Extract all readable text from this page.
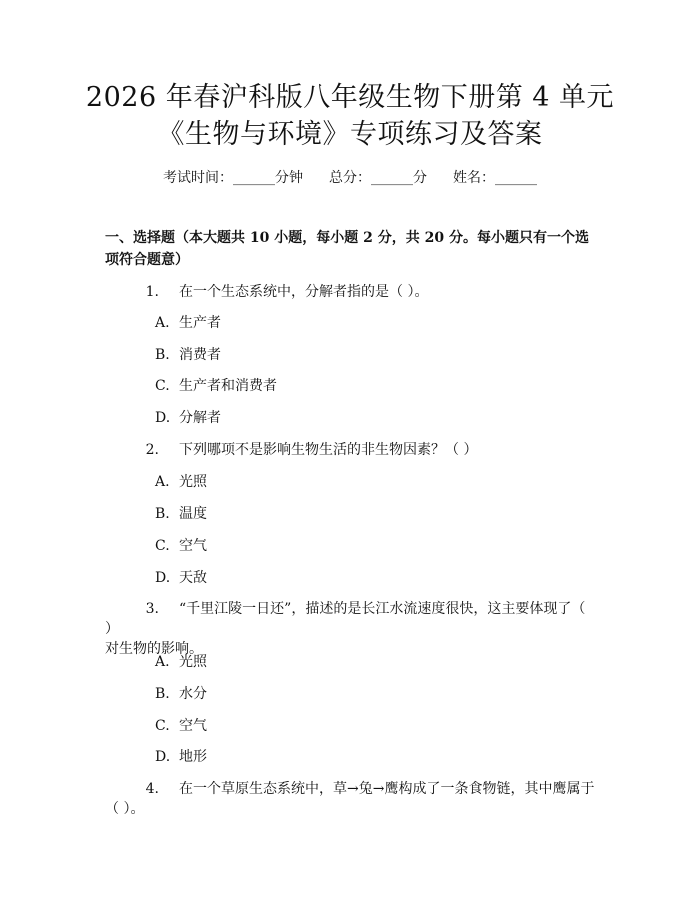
2026 年春沪科版八年级生物下册第 4 单元

《生物与环境》专项练习及答案

考试时间：______分钟 总分：______分 姓名：______
一、选择题（本大题共 10 小题，每小题 2 分，共 20 分。每小题只有一个选项符合题意）
1. 在一个生态系统中，分解者指的是（ ）。
A. 生产者
B. 消费者
C. 生产者和消费者
D. 分解者
2. 下列哪项不是影响生物生活的非生物因素？（ ）
A. 光照
B. 温度
C. 空气
D. 天敌
3. “千里江陵一日还”，描述的是长江水流速度很快，这主要体现了（ ）
对生物的影响。
A. 光照
B. 水分
C. 空气
D. 地形
4. 在一个草原生态系统中，草→兔→鹰构成了一条食物链，其中鹰属于
（ ）。
